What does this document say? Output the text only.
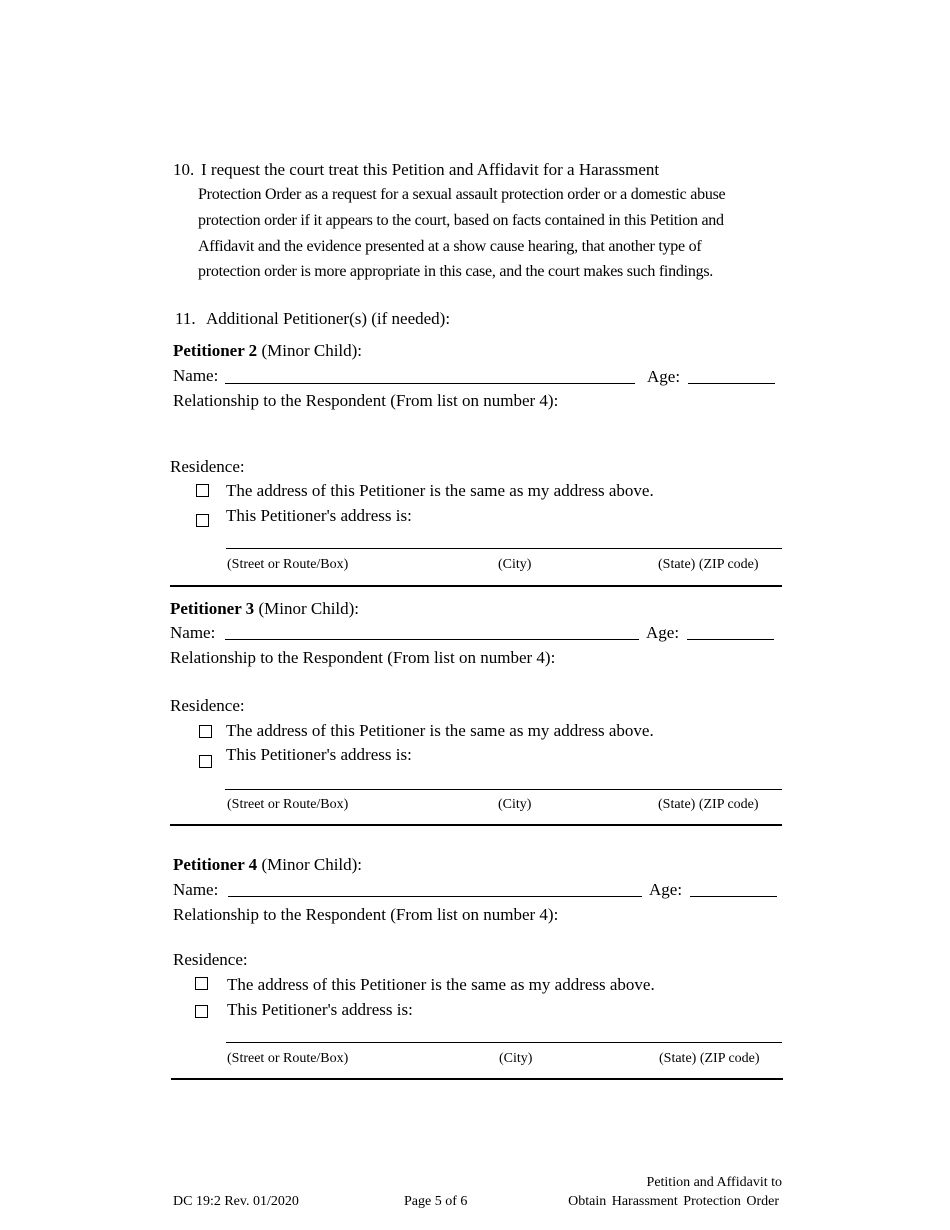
10. I request the court treat this Petition and Affidavit for a Harassment
Protection Order as a request for a sexual assault protection order or a domestic abuse
protection order if it appears to the court, based on facts contained in this Petition and
Affidavit and the evidence presented at a show cause hearing, that another type of
protection order is more appropriate in this case, and the court makes such findings.
11. Additional Petitioner(s) (if needed):
Petitioner 2 (Minor Child):
Name:	Age:
Relationship to the Respondent (From list on number 4):
Residence:
The address of this Petitioner is the same as my address above.
This Petitioner's address is:
(Street or Route/Box)	(City)	(State) (ZIP code)
Petitioner 3 (Minor Child):
Name:	Age:
Relationship to the Respondent (From list on number 4):
Residence:
The address of this Petitioner is the same as my address above.
This Petitioner's address is:
(Street or Route/Box)	(City)	(State) (ZIP code)
Petitioner 4 (Minor Child):
Name:	Age:
Relationship to the Respondent (From list on number 4):
Residence:
The address of this Petitioner is the same as my address above.
This Petitioner's address is:
(Street or Route/Box)	(City)	(State) (ZIP code)
DC 19:2 Rev. 01/2020	Page 5 of 6
Petition and Affidavit to
Obtain Harassment Protection Order
